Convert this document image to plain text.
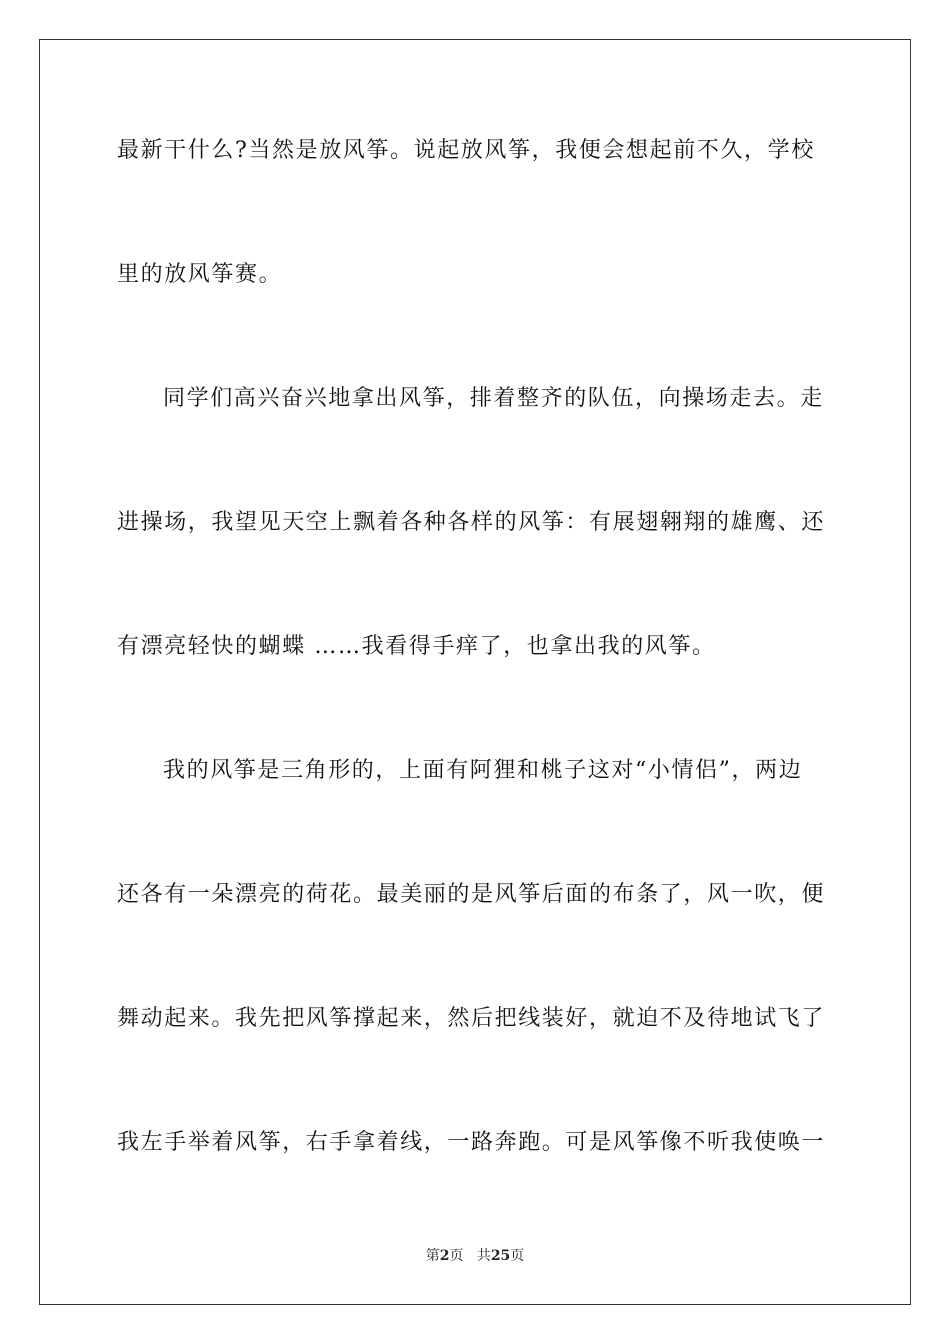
最新干什么?当然是放风筝。说起放风筝，我便会想起前不久，学校
里的放风筝赛。
同学们高兴奋兴地拿出风筝，排着整齐的队伍，向操场走去。走
进操场，我望见天空上飘着各种各样的风筝：有展翅翱翔的雄鹰、还
有漂亮轻快的蝴蝶 ……我看得手痒了，也拿出我的风筝。
我的风筝是三角形的，上面有阿狸和桃子这对“小情侣”，两边
还各有一朵漂亮的荷花。最美丽的是风筝后面的布条了，风一吹，便
舞动起来。我先把风筝撑起来，然后把线装好，就迫不及待地试飞了
我左手举着风筝，右手拿着线，一路奔跑。可是风筝像不听我使唤一
第2页 共25页
